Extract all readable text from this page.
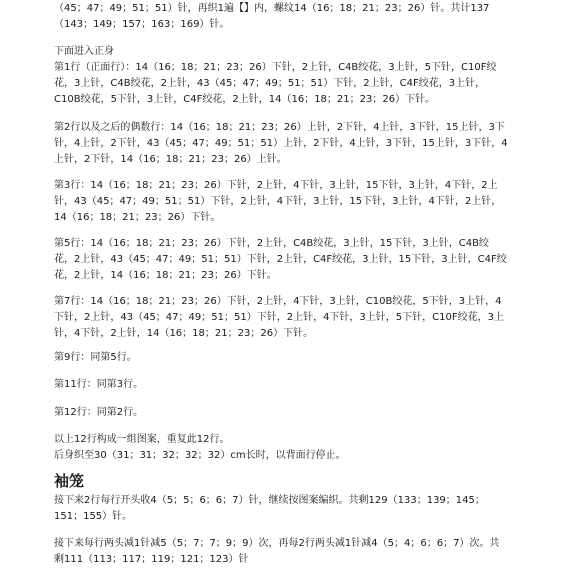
（45；47；49；51；51）针，再织1遍【】内，螺纹14（16；18；21；23；26）针。共计137
（143；149；157；163；169）针。

下面进入正身
第1行（正面行）：14（16；18；21；23；26）下针，2上针，C4B绞花，3上针，5下针，C10F绞
花，3上针，C4B绞花，2上针，43（45；47；49；51；51）下针，2上针，C4F绞花，3上针，
C10B绞花，5下针，3上针，C4F绞花，2上针，14（16；18；21；23；26）下针。

第2行以及之后的偶数行：14（16；18；21；23；26）上针，2下针，4上针，3下针，15上针，3下
针，4上针，2下针，43（45；47；49；51；51）上针，2下针，4上针，3下针，15上针，3下针，4
上针，2下针，14（16；18；21；23；26）上针。

第3行：14（16；18；21；23；26）下针，2上针，4下针，3上针，15下针，3上针，4下针，2上
针，43（45；47；49；51；51）下针，2上针，4下针，3上针，15下针，3上针，4下针，2上针，
14（16；18；21；23；26）下针。

第5行：14（16；18；21；23；26）下针，2上针，C4B绞花，3上针，15下针，3上针，C4B绞
花，2上针，43（45；47；49；51；51）下针，2上针，C4F绞花，3上针，15下针，3上针，C4F绞
花，2上针，14（16；18；21；23；26）下针。

第7行：14（16；18；21；23；26）下针，2上针，4下针，3上针，C10B绞花，5下针，3上针，4
下针，2上针，43（45；47；49；51；51）下针，2上针，4下针，3上针，5下针，C10F绞花，3上
针，4下针，2上针，14（16；18；21；23；26）下针。

第9行：同第5行。

第11行：同第3行。

第12行：同第2行。

以上12行构成一组图案，重复此12行。
后身织至30（31；31；32；32；32）cm长时，以背面行停止。

袖笼

接下来2行每行开头收4（5；5；6；6；7）针，继续按图案编织。共剩129（133；139；145；
151；155）针。

接下来每行两头减1针减5（5；7；7；9；9）次，再每2行两头减1针减4（5；4；6；6；7）次。共
剩111（113；117；119；121；123）针
